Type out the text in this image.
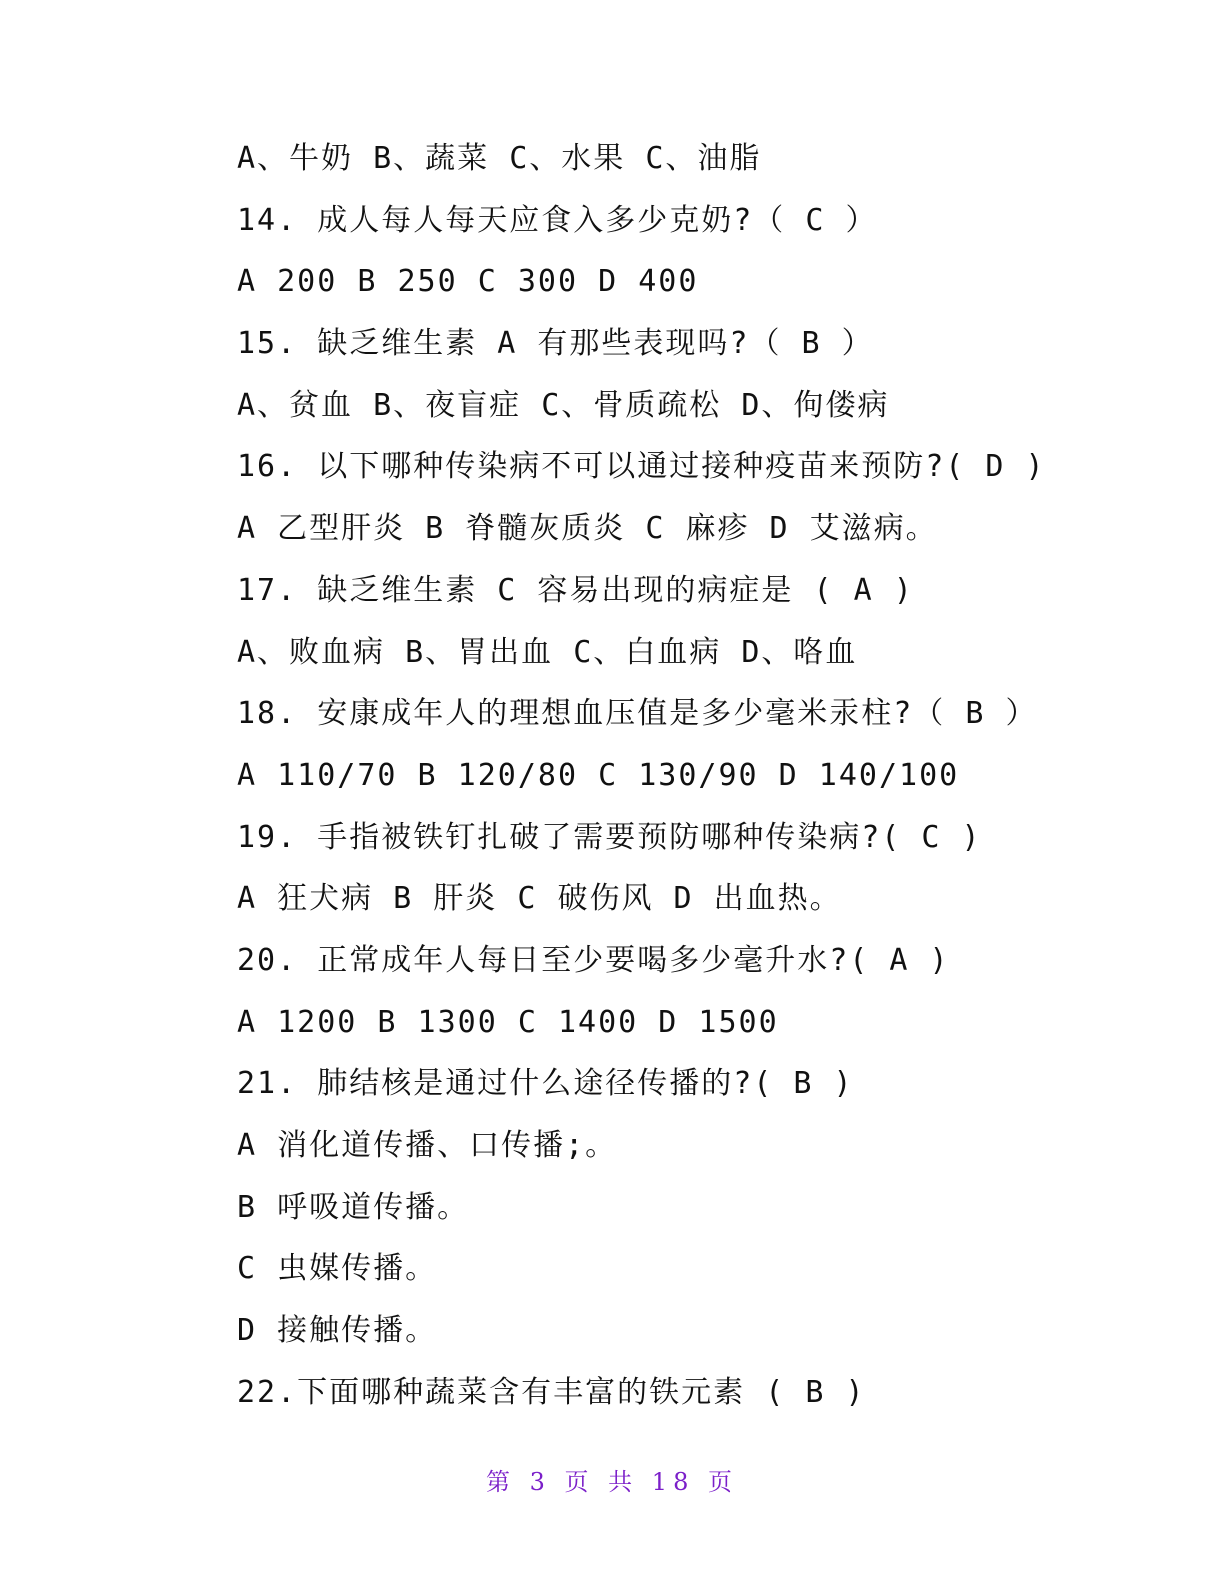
A、牛奶 B、蔬菜 C、水果 C、油脂
14. 成人每人每天应食入多少克奶?（ C ）
A 200 B 250 C 300 D 400
15. 缺乏维生素 A 有那些表现吗?（ B ）
A、贫血 B、夜盲症 C、骨质疏松 D、佝偻病
16. 以下哪种传染病不可以通过接种疫苗来预防?( D )
A 乙型肝炎 B 脊髓灰质炎 C 麻疹 D 艾滋病。
17. 缺乏维生素 C 容易出现的病症是 ( A )
A、败血病 B、胃出血 C、白血病 D、咯血
18. 安康成年人的理想血压值是多少毫米汞柱?（ B ）
A 110/70 B 120/80 C 130/90 D 140/100
19. 手指被铁钉扎破了需要预防哪种传染病?( C )
A 狂犬病 B 肝炎 C 破伤风 D 出血热。
20. 正常成年人每日至少要喝多少毫升水?( A )
A 1200 B 1300 C 1400 D 1500
21. 肺结核是通过什么途径传播的?( B )
A 消化道传播、口传播;。
B 呼吸道传播。
C 虫媒传播。
D 接触传播。
22.下面哪种蔬菜含有丰富的铁元素 ( B )
第 3 页 共 18 页
